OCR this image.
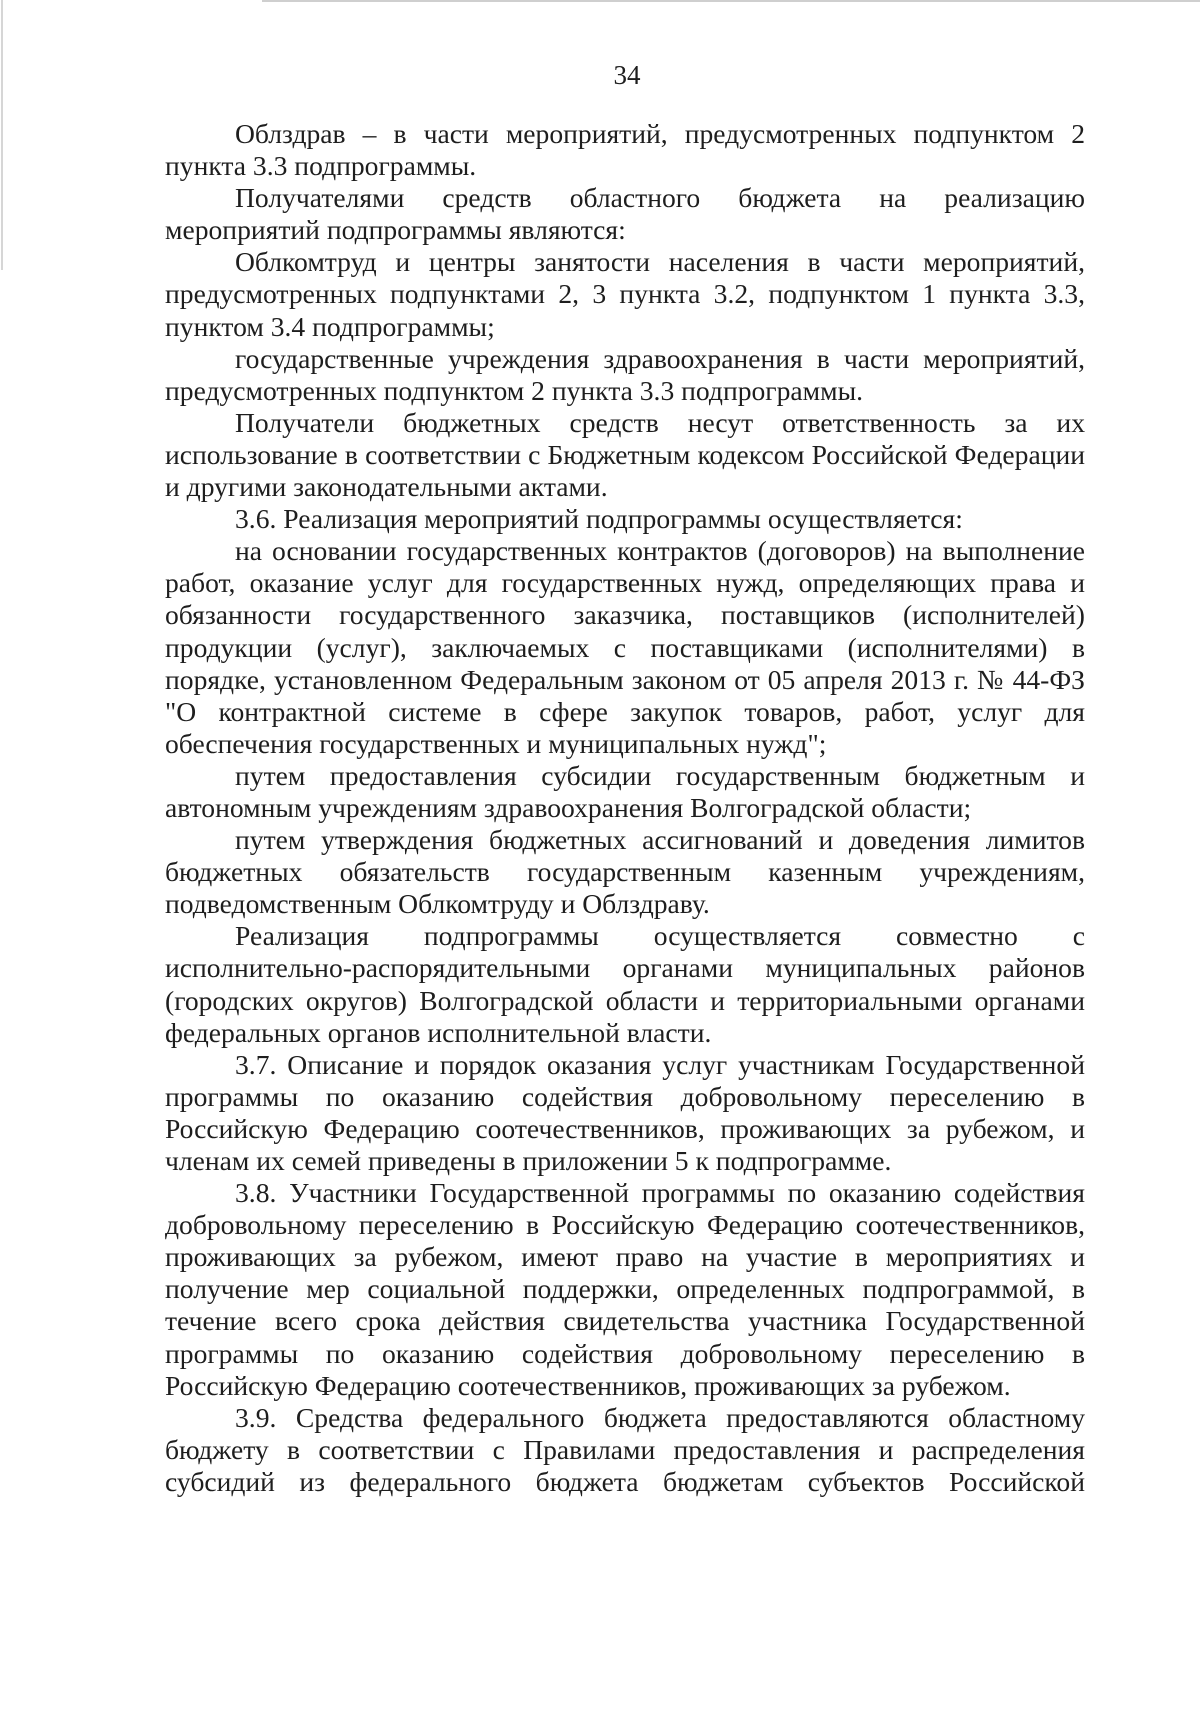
34

Облздрав – в части мероприятий, предусмотренных подпунктом 2 пункта 3.3 подпрограммы.

Получателями средств областного бюджета на реализацию мероприятий подпрограммы являются:

Облкомтруд и центры занятости населения в части мероприятий, предусмотренных подпунктами 2, 3 пункта 3.2, подпунктом 1 пункта 3.3, пунктом 3.4 подпрограммы;

государственные учреждения здравоохранения в части мероприятий, предусмотренных подпунктом 2 пункта 3.3 подпрограммы.

Получатели бюджетных средств несут ответственность за их использование в соответствии с Бюджетным кодексом Российской Федерации и другими законодательными актами.

3.6. Реализация мероприятий подпрограммы осуществляется:

на основании государственных контрактов (договоров) на выполнение работ, оказание услуг для государственных нужд, определяющих права и обязанности государственного заказчика, поставщиков (исполнителей) продукции (услуг), заключаемых с поставщиками (исполнителями) в порядке, установленном Федеральным законом от 05 апреля 2013 г. № 44-ФЗ "О контрактной системе в сфере закупок товаров, работ, услуг для обеспечения государственных и муниципальных нужд";

путем предоставления субсидии государственным бюджетным и автономным учреждениям здравоохранения Волгоградской области;

путем утверждения бюджетных ассигнований и доведения лимитов бюджетных обязательств государственным казенным учреждениям, подведомственным Облкомтруду и Облздраву.

Реализация подпрограммы осуществляется совместно с исполнительно-распорядительными органами муниципальных районов (городских округов) Волгоградской области и территориальными органами федеральных органов исполнительной власти.

3.7. Описание и порядок оказания услуг участникам Государственной программы по оказанию содействия добровольному переселению в Российскую Федерацию соотечественников, проживающих за рубежом, и членам их семей приведены в приложении 5 к подпрограмме.

3.8. Участники Государственной программы по оказанию содействия добровольному переселению в Российскую Федерацию соотечественников, проживающих за рубежом, имеют право на участие в мероприятиях и получение мер социальной поддержки, определенных подпрограммой, в течение всего срока действия свидетельства участника Государственной программы по оказанию содействия добровольному переселению в Российскую Федерацию соотечественников, проживающих за рубежом.

3.9. Средства федерального бюджета предоставляются областному бюджету в соответствии с Правилами предоставления и распределения субсидий из федерального бюджета бюджетам субъектов Российской
